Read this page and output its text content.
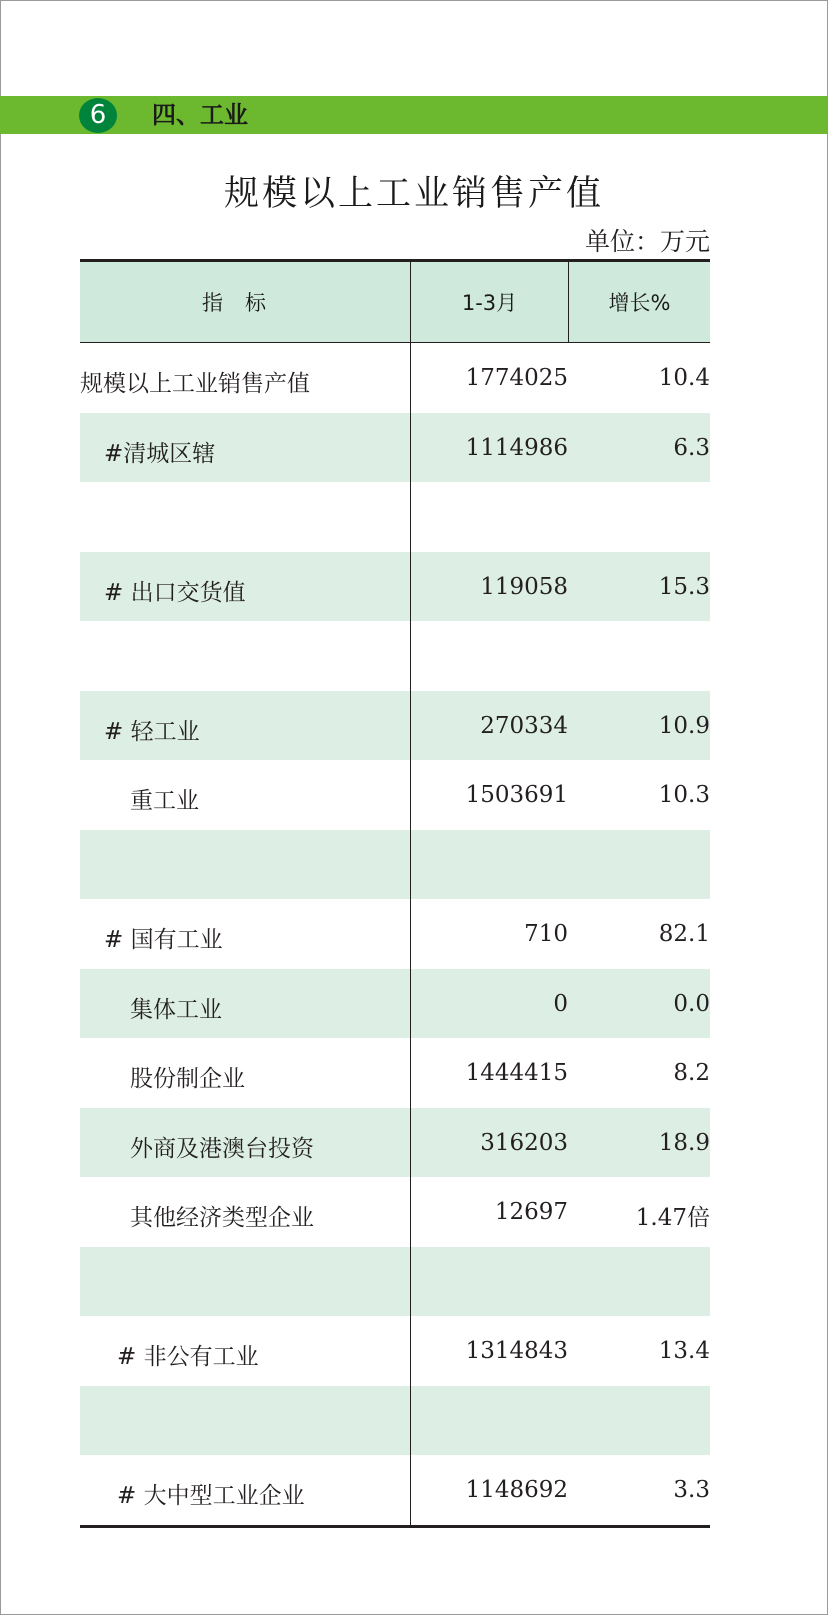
6	四、工业
规模以上工业销售产值
单位：万元
指标	1-3月	增长%
规模以上工业销售产值	1774025	10.4
#清城区辖	1114986	6.3
# 出口交货值	119058	15.3
# 轻工业	270334	10.9
重工业	1503691	10.3
# 国有工业	710	82.1
集体工业	0	0.0
股份制企业	1444415	8.2
外商及港澳台投资	316203	18.9
其他经济类型企业	12697	1.47倍
# 非公有工业	1314843	13.4
# 大中型工业企业	1148692	3.3
